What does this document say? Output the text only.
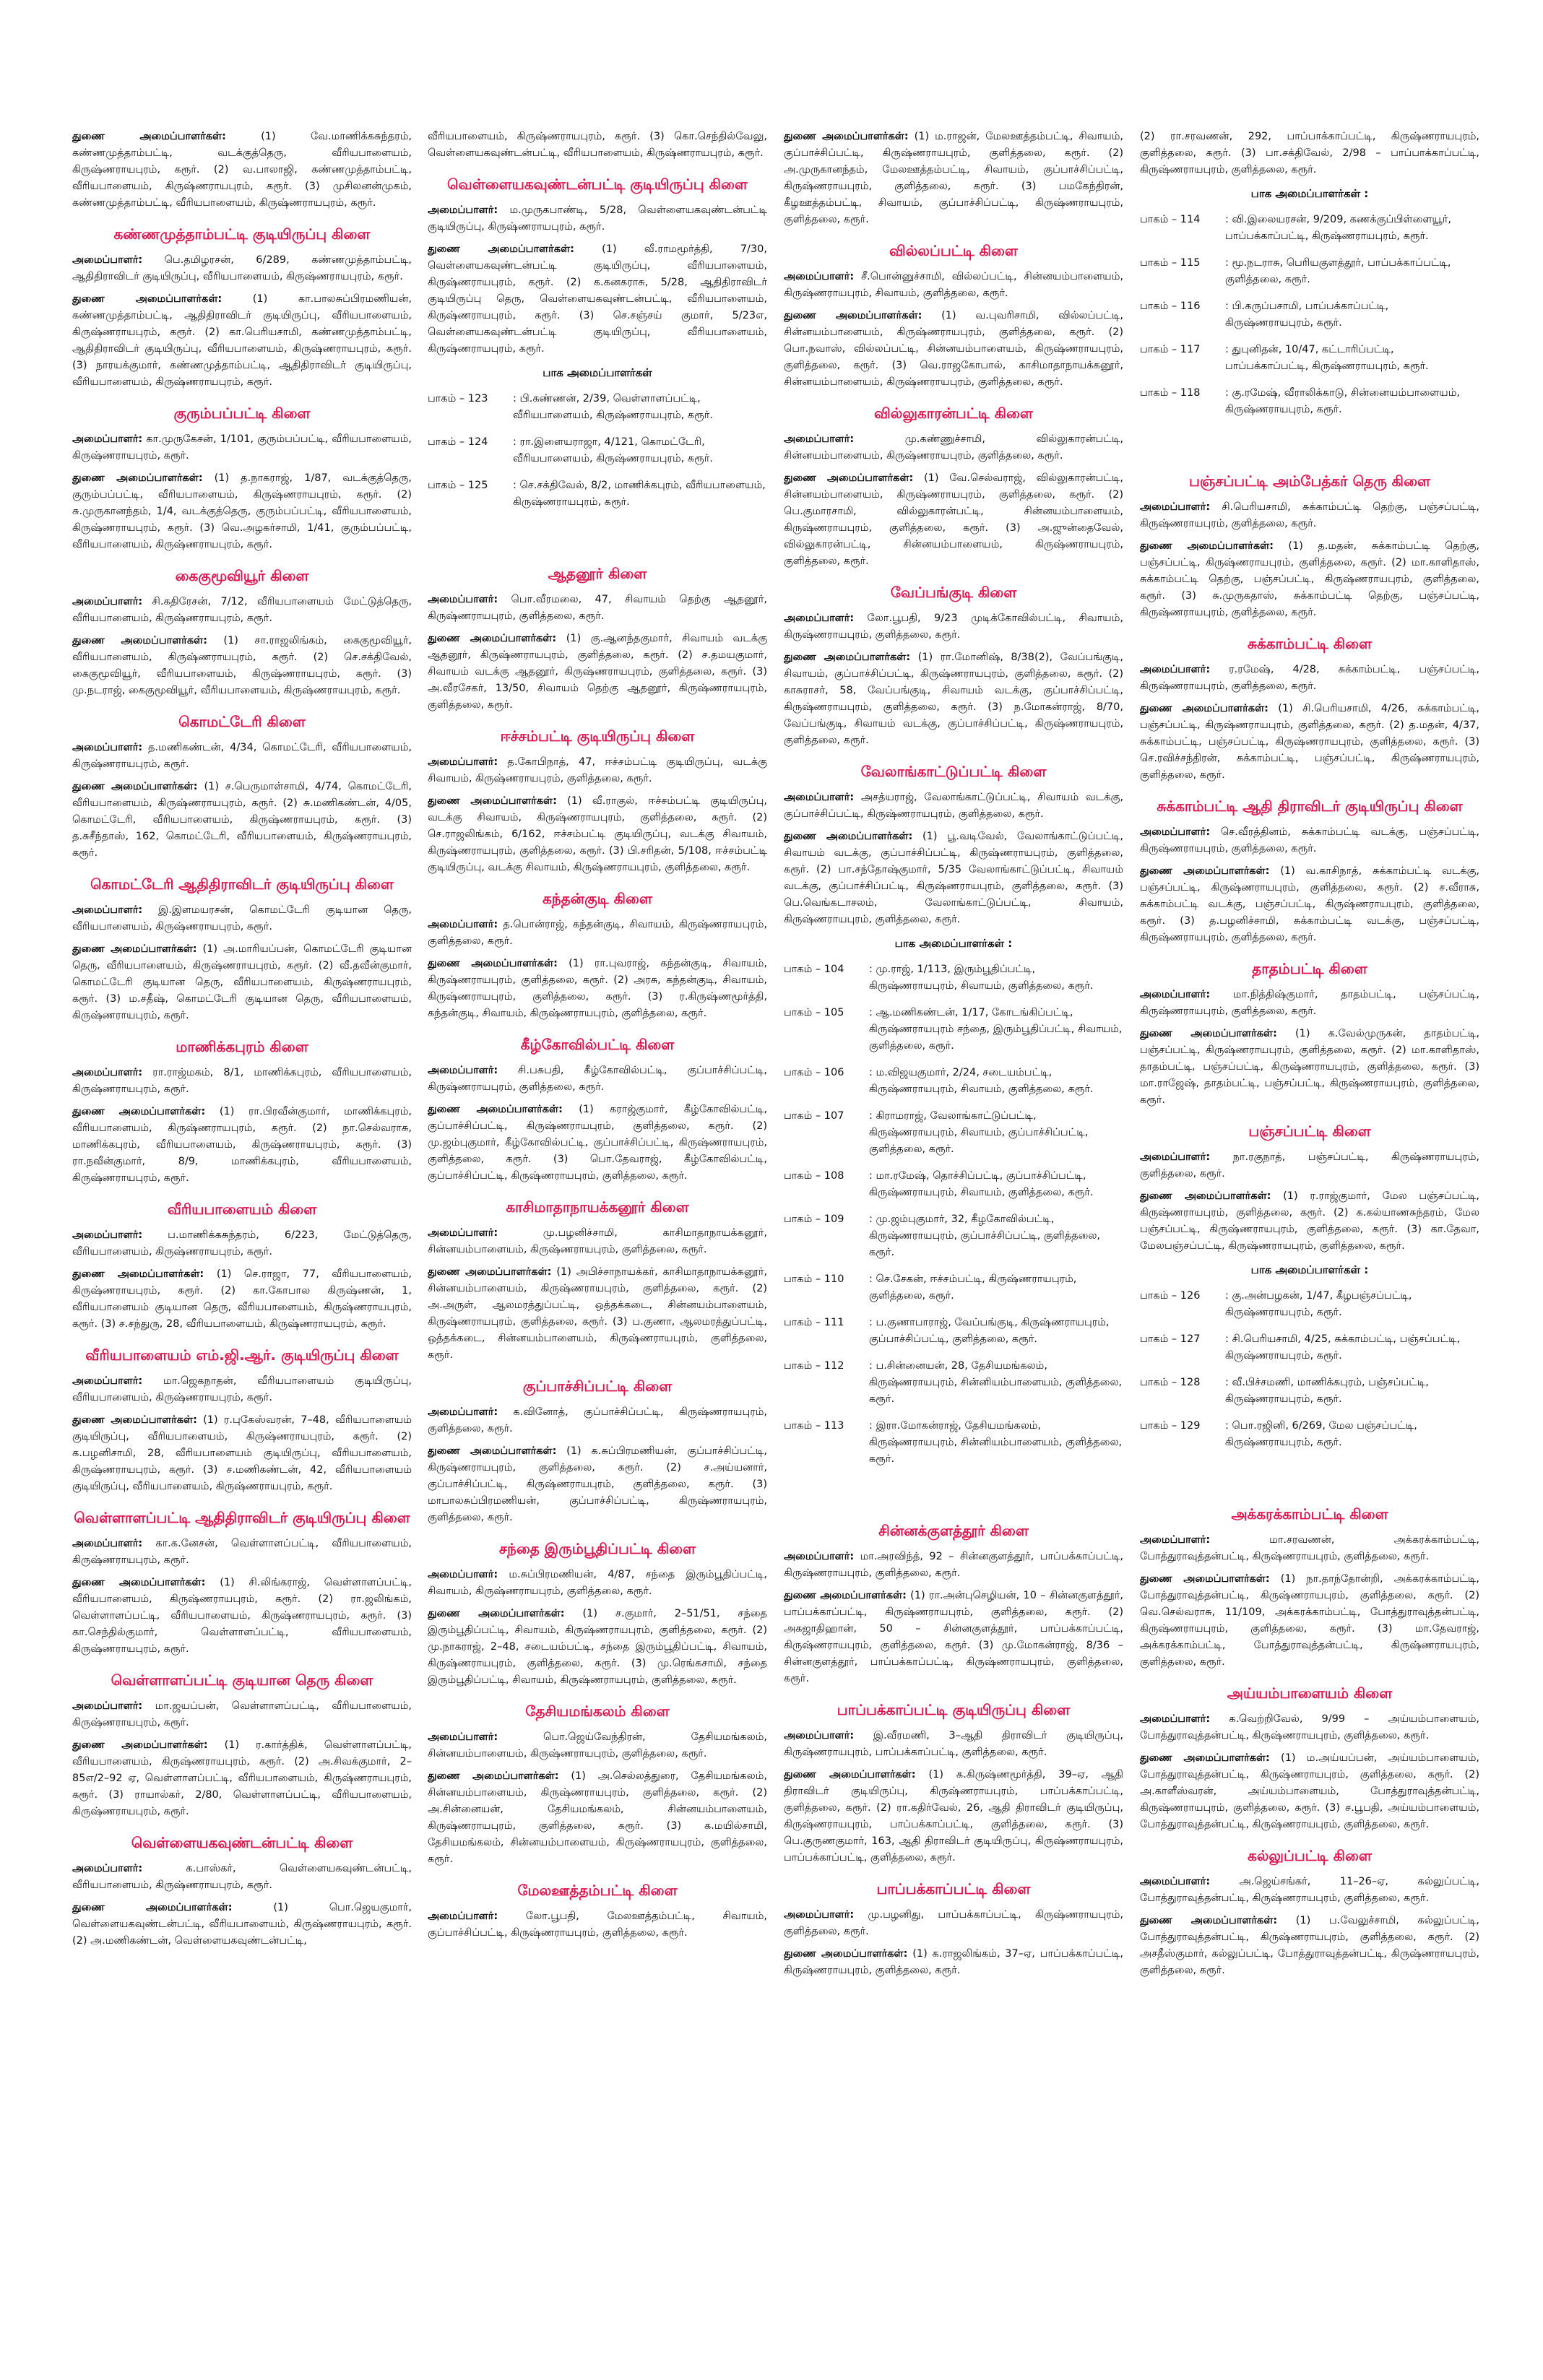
துணை அமைப்பாளர்கள்:	(1) வே.மாணிக்கசுந்தரம், கண்ணமுத்தாம்பட்டி, வடக்குத்தெரு, வீரியபாளையம், கிருஷ்ணராயபுரம், கரூர். (2) வ.பாலாஜி, கண்ணமுத்தாம்பட்டி, வீரியபாளையம், கிருஷ்ணராயபுரம், கரூர். (3) முசிலனன்முகம், கண்ணமுத்தாம்பட்டி, வீரியபாளையம், கிருஷ்ணராயபுரம், கரூர்.
கண்ணமுத்தாம்பட்டி குடியிருப்பு கிளை
அமைப்பாளர்: பெ.தமிழரசன், 6/289, கண்ணமுத்தாம்பட்டி, ஆதிதிராவிடர் குடியிருப்பு, வீரியபாளையம், கிருஷ்ணராயபுரம், கரூர்.
துணை அமைப்பாளர்கள்:	(1) கா.பாலசுப்பிரமணியன், கண்ணமுத்தாம்பட்டி, ஆதிதிராவிடர் குடியிருப்பு, வீரியபாளையம், கிருஷ்ணராயபுரம், கரூர். (2) கா.பெரியசாமி, கண்ணமுத்தாம்பட்டி, ஆதிதிராவிடர் குடியிருப்பு, வீரியபாளையம், கிருஷ்ணராயபுரம், கரூர். (3) நாரயக்குமார், கண்ணமுத்தாம்பட்டி, ஆதிதிராவிடர் குடியிருப்பு, வீரியபாளையம், கிருஷ்ணராயபுரம், கரூர்.
குரும்பப்பட்டி கிளை
அமைப்பாளர்: கா.முருகேசன், 1/101, குரும்பப்பட்டி, வீரியபாளையம், கிருஷ்ணராயபுரம், கரூர்.
துணை அமைப்பாளர்கள்: (1) த.நாகராஜ், 1/87, வடக்குத்தெரு, குரும்பப்பட்டி, வீரியபாளையம், கிருஷ்ணராயபுரம், கரூர். (2) சு.முருகானந்தம், 1/4, வடக்குத்தெரு, குரும்பப்பட்டி, வீரியபாளையம், கிருஷ்ணராயபுரம், கரூர். (3) வெ.அழகர்சாமி, 1/41, குரும்பப்பட்டி, வீரியபாளையம், கிருஷ்ணராயபுரம், கரூர்.
கைகுமூவியூர் கிளை
அமைப்பாளர்: சி.கதிரேசன், 7/12, வீரியபாளையம் மேட்டுத்தெரு, வீரியபாளையம், கிருஷ்ணராயபுரம், கரூர்.
துணை அமைப்பாளர்கள்: (1) சா.ராஜலிங்கம், கைகுமூவியூர், வீரியபாளையம், கிருஷ்ணராயபுரம், கரூர். (2) செ.சக்திவேல், கைகுமூவியூர், வீரியபாளையம், கிருஷ்ணராயபுரம், கரூர். (3) மு.நடராஜ், கைகுமூவியூர், வீரியபாளையம், கிருஷ்ணராயபுரம், கரூர்.
கொமட்டேரி கிளை
அமைப்பாளர்: த.மணிகண்டன், 4/34, கொமட்டேரி, வீரியபாளையம், கிருஷ்ணராயபுரம், கரூர்.
துணை அமைப்பாளர்கள்: (1) ச.பெருமாள்சாமி, 4/74, கொமட்டேரி, வீரியபாளையம், கிருஷ்ணராயபுரம், கரூர். (2) சு.மணிகண்டன், 4/05, கொமட்டேரி, வீரியபாளையம், கிருஷ்ணராயபுரம், கரூர். (3) த.சுசீந்தாஸ், 162, கொமட்டேரி, வீரியபாளையம், கிருஷ்ணராயபுரம், கரூர்.
கொமட்டேரி ஆதிதிராவிடர் குடியிருப்பு கிளை
அமைப்பாளர்: இ.இளமயரசன், கொமட்டேரி குடியான தெரு, வீரியபாளையம், கிருஷ்ணராயபுரம், கரூர்.
துணை அமைப்பாளர்கள்: (1) அ.மாரியப்பன், கொமட்டேரி குடியான தெரு, வீரியபாளையம், கிருஷ்ணராயபுரம், கரூர். (2) வீ.தவீன்குமார், கொமட்டேரி குடியான தெரு, வீரியபாளையம், கிருஷ்ணராயபுரம், கரூர். (3) ம.சதீஷ், கொமட்டேரி குடியான தெரு, வீரியபாளையம், கிருஷ்ணராயபுரம், கரூர்.
மாணிக்கபுரம் கிளை
அமைப்பாளர்: ரா.ராஜ்மகம், 8/1, மாணிக்கபுரம், வீரியபாளையம், கிருஷ்ணராயபுரம், கரூர்.
துணை அமைப்பாளர்கள்: (1) ரா.பிரவீன்குமார், மாணிக்கபுரம், வீரியபாளையம், கிருஷ்ணராயபுரம், கரூர். (2) நா.செல்வராசு, மாணிக்கபுரம், வீரியபாளையம், கிருஷ்ணராயபுரம், கரூர். (3) ரா.நவீன்குமார், 8/9, மாணிக்கபுரம், வீரியபாளையம், கிருஷ்ணராயபுரம், கரூர்.
வீரியபாளையம் கிளை
அமைப்பாளர்: ப.மாணிக்கசுந்தரம், 6/223, மேட்டுத்தெரு, வீரியபாளையம், கிருஷ்ணராயபுரம், கரூர்.
துணை அமைப்பாளர்கள்: (1) செ.ராஜா, 77, வீரியபாளையம், கிருஷ்ணராயபுரம், கரூர். (2) கா.கோபால கிருஷ்ணன், 1, வீரியபாளையம் குடியான தெரு, வீரியபாளையம், கிருஷ்ணராயபுரம், கரூர். (3) ச.சந்துரு, 28, வீரியபாளையம், கிருஷ்ணராயபுரம், கரூர்.
வீரியபாளையம் எம்.ஜி.ஆர். குடியிருப்பு கிளை
அமைப்பாளர்: மா.ஜெகநாதன், வீரியபாளையம் குடியிருப்பு, வீரியபாளையம், கிருஷ்ணராயபுரம், கரூர்.
துணை அமைப்பாளர்கள்: (1) ர.புகேஸ்வரன், 7–48, வீரியபாளையம் குடியிருப்பு, வீரியபாளையம், கிருஷ்ணராயபுரம், கரூர். (2) க.பழனிசாமி, 28, வீரியபாளையம் குடியிருப்பு, வீரியபாளையம், கிருஷ்ணராயபுரம், கரூர். (3) ச.மணிகண்டன், 42, வீரியபாளையம் குடியிருப்பு, வீரியபாளையம், கிருஷ்ணராயபுரம், கரூர்.
வெள்ளாளப்பட்டி ஆதிதிராவிடர் குடியிருப்பு கிளை
அமைப்பாளர்: கா.க.னேசன், வெள்ளாளப்பட்டி, வீரியபாளையம், கிருஷ்ணராயபுரம், கரூர்.
துணை அமைப்பாளர்கள்: (1) சி.லிங்கராஜ், வெள்ளாளப்பட்டி, வீரியபாளையம், கிருஷ்ணராயபுரம், கரூர். (2) ரா.ஜலிங்கம், வெள்ளாளப்பட்டி, வீரியபாளையம், கிருஷ்ணராயபுரம், கரூர். (3) கா.செந்தில்குமார், வெள்ளாளப்பட்டி, வீரியபாளையம், கிருஷ்ணராயபுரம், கரூர்.
வெள்ளாளப்பட்டி குடியான தெரு கிளை
அமைப்பாளர்: மா.ஜயப்பன், வெள்ளாளப்பட்டி, வீரியபாளையம், கிருஷ்ணராயபுரம், கரூர்.
துணை அமைப்பாளர்கள்: (1) ர.கார்த்திக், வெள்ளாளப்பட்டி, வீரியபாளையம், கிருஷ்ணராயபுரம், கரூர். (2) அ.சிவக்குமார், 2–85எ/2–92 ஏ, வெள்ளாளப்பட்டி, வீரியபாளையம், கிருஷ்ணராயபுரம், கரூர். (3) ராயால்கர், 2/80, வெள்ளாளப்பட்டி, வீரியபாளையம், கிருஷ்ணராயபுரம், கரூர்.
வெள்ளையகவுண்டன்பட்டி கிளை
அமைப்பாளர்:	க.பாஸ்கர், வெள்ளையகவுண்டன்பட்டி, வீரியபாளையம், கிருஷ்ணராயபுரம், கரூர்.
துணை அமைப்பாளர்கள்:	(1) பொ.ஜெயகுமார், வெள்ளையகவுண்டன்பட்டி, வீரியபாளையம், கிருஷ்ணராயபுரம், கரூர். (2) அ.மணிகண்டன், வெள்ளையகவுண்டன்பட்டி,
வீரியபாளையம், கிருஷ்ணராயபுரம், கரூர். (3) கொ.செந்தில்வேலு, வெள்ளையகவுண்டன்பட்டி, வீரியபாளையம், கிருஷ்ணராயபுரம், கரூர்.
வெள்ளையகவுண்டன்பட்டி குடியிருப்பு கிளை
அமைப்பாளர்: ம.முருகபாண்டி, 5/28, வெள்ளையகவுண்டன்பட்டி குடியிருப்பு, கிருஷ்ணராயபுரம், கரூர்.
துணை அமைப்பாளர்கள்:	(1) வீ.ராமமூர்த்தி, 7/30, வெள்ளையகவுண்டன்பட்டி குடியிருப்பு, வீரியபாளையம், கிருஷ்ணராயபுரம், கரூர். (2) க.கனகராசு, 5/28, ஆதிதிராவிடர் குடியிருப்பு தெரு, வெள்ளையகவுண்டன்பட்டி, வீரியபாளையம், கிருஷ்ணராயபுரம், கரூர். (3) செ.சஞ்சய் குமார், 5/23எ, வெள்ளையகவுண்டன்பட்டி குடியிருப்பு, வீரியபாளையம், கிருஷ்ணராயபுரம், கரூர்.
பாக அமைப்பாளர்கள்
பாகம் – 123	: பி.கண்ணன், 2/39, வெள்ளாளப்பட்டி, வீரியபாளையம், கிருஷ்ணராயபுரம், கரூர்.
பாகம் – 124	: ரா.இளையராஜா, 4/121, கொமட்டேரி, வீரியபாளையம், கிருஷ்ணராயபுரம், கரூர்.
பாகம் – 125	: செ.சக்திவேல், 8/2, மாணிக்கபுரம், வீரியபாளையம், கிருஷ்ணராயபுரம், கரூர்.
ஆதனூர் கிளை
அமைப்பாளர்: பொ.வீரமலை, 47, சிவாயம் தெற்கு ஆதனூர், கிருஷ்ணராயபுரம், குளித்தலை, கரூர்.
துணை அமைப்பாளர்கள்: (1) கு.ஆனந்தகுமார், சிவாயம் வடக்கு ஆதனூர், கிருஷ்ணராயபுரம், குளித்தலை, கரூர். (2) ச.தமயகுமார், சிவாயம் வடக்கு ஆதனூர், கிருஷ்ணராயபுரம், குளித்தலை, கரூர். (3) அ.வீரசேகர், 13/50, சிவாயம் தெற்கு ஆதனூர், கிருஷ்ணராயபுரம், குளித்தலை, கரூர்.
ஈச்சம்பட்டி குடியிருப்பு கிளை
அமைப்பாளர்: த.கோபிநாத், 47, ஈச்சம்பட்டி குடியிருப்பு, வடக்கு சிவாயம், கிருஷ்ணராயபுரம், குளித்தலை, கரூர்.
துணை அமைப்பாளர்கள்: (1) வீ.ராகுல், ஈச்சம்பட்டி குடியிருப்பு, வடக்கு சிவாயம், கிருஷ்ணராயபுரம், குளித்தலை, கரூர். (2) செ.ராஜலிங்கம், 6/162, ஈச்சம்பட்டி குடியிருப்பு, வடக்கு சிவாயம், கிருஷ்ணராயபுரம், குளித்தலை, கரூர். (3) பி.சரிதன், 5/108, ஈச்சம்பட்டி குடியிருப்பு, வடக்கு சிவாயம், கிருஷ்ணராயபுரம், குளித்தலை, கரூர்.
கந்தன்குடி கிளை
அமைப்பாளர்: த.பொன்ராஜ், கந்தன்குடி, சிவாயம், கிருஷ்ணராயபுரம், குளித்தலை, கரூர்.
துணை அமைப்பாளர்கள்: (1) ரா.புவராஜ், கந்தன்குடி, சிவாயம், கிருஷ்ணராயபுரம், குளித்தலை, கரூர். (2) அரசு, கந்தன்குடி, சிவாயம், கிருஷ்ணராயபுரம், குளித்தலை, கரூர். (3) ர.கிருஷ்ணமூர்த்தி, கந்தன்குடி, சிவாயம், கிருஷ்ணராயபுரம், குளித்தலை, கரூர்.
கீழ்கோவில்பட்டி கிளை
அமைப்பாளர்: சி.பசுபதி, கீழ்கோவில்பட்டி, குப்பாச்சிப்பட்டி, கிருஷ்ணராயபுரம், குளித்தலை, கரூர்.
துணை அமைப்பாளர்கள்: (1) கராஜ்குமார், கீழ்கோவில்பட்டி, குப்பாச்சிப்பட்டி, கிருஷ்ணராயபுரம், குளித்தலை, கரூர். (2) மு.ஜம்புகுமார், கீழ்கோவில்பட்டி, குப்பாச்சிப்பட்டி, கிருஷ்ணராயபுரம், குளித்தலை, கரூர். (3) பொ.தேவராஜ், கீழ்கோவில்பட்டி, குப்பாச்சிப்பட்டி, கிருஷ்ணராயபுரம், குளித்தலை, கரூர்.
காசிமாதாநாயக்கனூர் கிளை
அமைப்பாளர்:	மு.பழனிச்சாமி, காசிமாதாநாயக்கனூர், சின்னயம்பாளையம், கிருஷ்ணராயபுரம், குளித்தலை, கரூர்.
துணை அமைப்பாளர்கள்: (1) அபிச்சாநாயக்கர், காசிமாதாநாயக்கனூர், சின்னயம்பாளையம், கிருஷ்ணராயபுரம், குளித்தலை, கரூர். (2) அ.அருள், ஆலமரத்துப்பட்டி, ஒத்தக்கடை, சின்னயம்பாளையம், கிருஷ்ணராயபுரம், குளித்தலை, கரூர். (3) ப.குணா, ஆலமரத்துப்பட்டி, ஒத்தக்கடை, சின்னயம்பாளையம், கிருஷ்ணராயபுரம், குளித்தலை, கரூர்.
குப்பாச்சிப்பட்டி கிளை
அமைப்பாளர்: க.வினோத், குப்பாச்சிப்பட்டி, கிருஷ்ணராயபுரம், குளித்தலை, கரூர்.
துணை அமைப்பாளர்கள்: (1) க.சுப்பிரமணியன், குப்பாச்சிப்பட்டி, கிருஷ்ணராயபுரம், குளித்தலை, கரூர். (2) ச.அய்யனார், குப்பாச்சிப்பட்டி, கிருஷ்ணராயபுரம், குளித்தலை, கரூர். (3) மாபாலசுப்பிரமணியன், குப்பாச்சிப்பட்டி, கிருஷ்ணராயபுரம், குளித்தலை, கரூர்.
சந்தை இரும்பூதிப்பட்டி கிளை
அமைப்பாளர்: ம.சுப்பிரமணியன், 4/87, சந்தை இரும்பூதிப்பட்டி, சிவாயம், கிருஷ்ணராயபுரம், குளித்தலை, கரூர்.
துணை அமைப்பாளர்கள்: (1) ச.குமார், 2–51/51, சந்தை இரும்பூதிப்பட்டி, சிவாயம், கிருஷ்ணராயபுரம், குளித்தலை, கரூர். (2) மு.நாகராஜ், 2–48, சடையம்பட்டி, சந்தை இரும்பூதிப்பட்டி, சிவாயம், கிருஷ்ணராயபுரம், குளித்தலை, கரூர். (3) மு.ரெங்கசாமி, சந்தை இரும்பூதிப்பட்டி, சிவாயம், கிருஷ்ணராயபுரம், குளித்தலை, கரூர்.
தேசியமங்கலம் கிளை
அமைப்பாளர்:	பொ.ஜெய்வேந்திரன், தேசியமங்கலம், சின்னயம்பாளையம், கிருஷ்ணராயபுரம், குளித்தலை, கரூர்.
துணை அமைப்பாளர்கள்: (1) அ.செல்லத்துரை, தேசியமங்கலம், சின்னயம்பாளையம், கிருஷ்ணராயபுரம், குளித்தலை, கரூர். (2) அ.சின்னையன், தேசியமங்கலம், சின்னயம்பாளையம், கிருஷ்ணராயபுரம், குளித்தலை, கரூர். (3) க.மயில்சாமி, தேசியமங்கலம், சின்னயம்பாளையம், கிருஷ்ணராயபுரம், குளித்தலை, கரூர்.
மேலஊத்தம்பட்டி கிளை
அமைப்பாளர்:	லோ.பூபதி, மேலஊத்தம்பட்டி, சிவாயம், குப்பாச்சிப்பட்டி, கிருஷ்ணராயபுரம், குளித்தலை, கரூர்.
துணை அமைப்பாளர்கள்: (1) ம.ராஜன், மேலஊத்தம்பட்டி, சிவாயம், குப்பாச்சிப்பட்டி, கிருஷ்ணராயபுரம், குளித்தலை, கரூர். (2) அ.முருகானந்தம், மேலஊத்தம்பட்டி, சிவாயம், குப்பாச்சிப்பட்டி, கிருஷ்ணராயபுரம், குளித்தலை, கரூர். (3) பமகேந்திரன், கீழஊத்தம்பட்டி, சிவாயம், குப்பாச்சிப்பட்டி, கிருஷ்ணராயபுரம், குளித்தலை, கரூர்.
வில்லப்பட்டி கிளை
அமைப்பாளர்: சீ.பொன்னுச்சாமி, வில்லப்பட்டி, சின்னயம்பாளையம், கிருஷ்ணராயபுரம், சிவாயம், குளித்தலை, கரூர்.
துணை அமைப்பாளர்கள்: (1) வ.புவரிசாமி, வில்லப்பட்டி, சின்னயம்பாளையம், கிருஷ்ணராயபுரம், குளித்தலை, கரூர். (2) பொ.நவாஸ், வில்லப்பட்டி, சின்னயம்பாளையம், கிருஷ்ணராயபுரம், குளித்தலை, கரூர். (3) வெ.ராஜகோபால், காசிமாதாநாயக்கனூர், சின்னயம்பாளையம், கிருஷ்ணராயபுரம், குளித்தலை, கரூர்.
வில்லுகாரன்பட்டி கிளை
அமைப்பாளர்:	மு.கண்ணுச்சாமி, வில்லுகாரன்பட்டி, சின்னயம்பாளையம், கிருஷ்ணராயபுரம், குளித்தலை, கரூர்.
துணை அமைப்பாளர்கள்: (1) வே.செல்வராஜ், வில்லுகாரன்பட்டி, சின்னயம்பாளையம், கிருஷ்ணராயபுரம், குளித்தலை, கரூர். (2) பெ.குமாரசாமி, வில்லுகாரன்பட்டி, சின்னயம்பாளையம், கிருஷ்ணராயபுரம், குளித்தலை, கரூர். (3) அ.ஜுன்தைவேல், வில்லுகாரன்பட்டி, சின்னயம்பாளையம், கிருஷ்ணராயபுரம், குளித்தலை, கரூர்.
வேப்பங்குடி கிளை
அமைப்பாளர்: லோ.பூபதி, 9/23 முடிக்கோவில்பட்டி, சிவாயம், கிருஷ்ணராயபுரம், குளித்தலை, கரூர்.
துணை அமைப்பாளர்கள்: (1) ரா.மோனிஷ், 8/38(2), வேப்பங்குடி, சிவாயம், குப்பாச்சிப்பட்டி, கிருஷ்ணராயபுரம், குளித்தலை, கரூர். (2) காசுராசர், 58, வேப்பங்குடி, சிவாயம் வடக்கு, குப்பாச்சிப்பட்டி, கிருஷ்ணராயபுரம், குளித்தலை, கரூர். (3) ந.மோகன்ராஜ், 8/70, வேப்பங்குடி, சிவாயம் வடக்கு, குப்பாச்சிப்பட்டி, கிருஷ்ணராயபுரம், குளித்தலை, கரூர்.
வேலாங்காட்டுப்பட்டி கிளை
அமைப்பாளர்: அசத்யராஜ், வேலாங்காட்டுப்பட்டி, சிவாயம் வடக்கு, குப்பாச்சிப்பட்டி, கிருஷ்ணராயபுரம், குளித்தலை, கரூர்.
துணை அமைப்பாளர்கள்: (1) பூ.வடிவேல், வேலாங்காட்டுப்பட்டி, சிவாயம் வடக்கு, குப்பாச்சிப்பட்டி, கிருஷ்ணராயபுரம், குளித்தலை, கரூர். (2) பா.சந்தோஷ்குமார், 5/35 வேலாங்காட்டுப்பட்டி, சிவாயம் வடக்கு, குப்பாச்சிப்பட்டி, கிருஷ்ணராயபுரம், குளித்தலை, கரூர். (3) பெ.வெங்கடாசலம், வேலாங்காட்டுப்பட்டி, சிவாயம், கிருஷ்ணராயபுரம், குளித்தலை, கரூர்.
பாக அமைப்பாளர்கள் :
பாகம் – 104	: மு.ராஜ், 1/113, இரும்பூதிப்பட்டி, கிருஷ்ணராயபுரம், சிவாயம், குளித்தலை, கரூர்.
பாகம் – 105	: ஆ.மணிகண்டன், 1/17, கோடங்கிப்பட்டி, கிருஷ்ணராயபுரம் சந்தை, இரும்பூதிப்பட்டி, சிவாயம், குளித்தலை, கரூர்.
பாகம் – 106	: ம.விஜயகுமார், 2/24, சடையம்பட்டி, கிருஷ்ணராயபுரம், சிவாயம், குளித்தலை, கரூர்.
பாகம் – 107	: கிராமராஜ், வேலாங்காட்டுப்பட்டி, கிருஷ்ணராயபுரம், சிவாயம், குப்பாச்சிப்பட்டி, குளித்தலை, கரூர்.
பாகம் – 108	: மா.ரமேஷ், தொச்சிப்பட்டி, குப்பாச்சிப்பட்டி, கிருஷ்ணராயபுரம், சிவாயம், குளித்தலை, கரூர்.
பாகம் – 109	: மு.ஜம்புகுமார், 32, கீழகோவில்பட்டி, கிருஷ்ணராயபுரம், குப்பாச்சிப்பட்டி, குளித்தலை, கரூர்.
பாகம் – 110	: செ.சேகன், ஈச்சம்பட்டி, கிருஷ்ணராயபுரம், குளித்தலை, கரூர்.
பாகம் – 111	: ப.குணாபாராஜ், வேப்பங்குடி, கிருஷ்ணராயபுரம், குப்பாச்சிப்பட்டி, குளித்தலை, கரூர்.
பாகம் – 112	: ப.சின்னையன், 28, தேசியமங்கலம், கிருஷ்ணராயபுரம், சின்னியம்பாளையம், குளித்தலை, கரூர்.
பாகம் – 113	: இரா.மோகன்ராஜ், தேசியமங்கலம், கிருஷ்ணராயபுரம், சின்னியம்பாளையம், குளித்தலை, கரூர்.
சின்னக்குளத்தூர் கிளை
அமைப்பாளர்: மா.அரவிந்த், 92 – சின்னகுளத்தூர், பாப்பக்காப்பட்டி, கிருஷ்ணராயபுரம், குளித்தலை, கரூர்.
துணை அமைப்பாளர்கள்: (1) ரா.அன்புசெழியன், 10 – சின்னகுளத்தூர், பாப்பக்காப்பட்டி, கிருஷ்ணராயபுரம், குளித்தலை, கரூர். (2) அகஜாதிஹான், 50 – சின்னகுளத்தூர், பாப்பக்காப்பட்டி, கிருஷ்ணராயபுரம், குளித்தலை, கரூர். (3) மு.மோகன்ராஜ், 8/36 – சின்னகுளத்தூர், பாப்பக்காப்பட்டி, கிருஷ்ணராயபுரம், குளித்தலை, கரூர்.
பாப்பக்காப்பட்டி குடியிருப்பு கிளை
அமைப்பாளர்: இ.வீரமணி, 3–ஆதி திராவிடர் குடியிருப்பு, கிருஷ்ணராயபுரம், பாப்பக்காப்பட்டி, குளித்தலை, கரூர்.
துணை அமைப்பாளர்கள்: (1) க.கிருஷ்ணமூர்த்தி, 39–ஏ, ஆதி திராவிடர் குடியிருப்பு, கிருஷ்ணராயபுரம், பாப்பக்காப்பட்டி, குளித்தலை, கரூர். (2) ரா.கதிர்வேல், 26, ஆதி திராவிடர் குடியிருப்பு, கிருஷ்ணராயபுரம், பாப்பக்காப்பட்டி, குளித்தலை, கரூர். (3) பெ.குருணகுமார், 163, ஆதி திராவிடர் குடியிருப்பு, கிருஷ்ணராயபுரம், பாப்பக்காப்பட்டி, குளித்தலை, கரூர்.
பாப்பக்காப்பட்டி கிளை
அமைப்பாளர்: மு.பழனிது, பாப்பக்காப்பட்டி, கிருஷ்ணராயபுரம், குளித்தலை, கரூர்.
துணை அமைப்பாளர்கள்: (1) க.ராஜலிங்கம், 37–ஏ, பாப்பக்காப்பட்டி, கிருஷ்ணராயபுரம், குளித்தலை, கரூர்.
(2) ரா.சரவணன், 292, பாப்பாக்காப்பட்டி, கிருஷ்ணராயபுரம், குளித்தலை, கரூர். (3) பா.சக்திவேல், 2/98 – பாப்பாக்காப்பட்டி, கிருஷ்ணராயபுரம், குளித்தலை, கரூர்.
பாக அமைப்பாளர்கள் :
பாகம் – 114	: வி.இலையரசன், 9/209, கணக்குப்பிள்ளையூர், பாப்பக்காப்பட்டி, கிருஷ்ணராயபுரம், கரூர்.
பாகம் – 115	: மூ.நடராசு, பெரியகுளத்தூர், பாப்பக்காப்பட்டி, குளித்தலை, கரூர்.
பாகம் – 116	: பி.கருப்பசாமி, பாப்பக்காப்பட்டி, கிருஷ்ணராயபுரம், கரூர்.
பாகம் – 117	: துபுனிதன், 10/47, கட்டாரிப்பட்டி, பாப்பக்காப்பட்டி, கிருஷ்ணராயபுரம், கரூர்.
பாகம் – 118	: கு.ரமேஷ், வீராலிக்காடு, சின்னையம்பாளையம், கிருஷ்ணராயபுரம், கரூர்.
பஞ்சப்பட்டி அம்பேத்கர் தெரு கிளை
அமைப்பாளர்: சி.பெரியசாமி, சுக்காம்பட்டி தெற்கு, பஞ்சப்பட்டி, கிருஷ்ணராயபுரம், குளித்தலை, கரூர்.
துணை அமைப்பாளர்கள்: (1) த.மதன், சுக்காம்பட்டி தெற்கு, பஞ்சப்பட்டி, கிருஷ்ணராயபுரம், குளித்தலை, கரூர். (2) மா.காளிதாஸ், சுக்காம்பட்டி தெற்கு, பஞ்சப்பட்டி, கிருஷ்ணராயபுரம், குளித்தலை, கரூர். (3) சு.முருகதாஸ், சுக்காம்பட்டி தெற்கு, பஞ்சப்பட்டி, கிருஷ்ணராயபுரம், குளித்தலை, கரூர்.
சுக்காம்பட்டி கிளை
அமைப்பாளர்: ர.ரமேஷ், 4/28, சுக்காம்பட்டி, பஞ்சப்பட்டி, கிருஷ்ணராயபுரம், குளித்தலை, கரூர்.
துணை அமைப்பாளர்கள்: (1) சி.பெரியசாமி, 4/26, சுக்காம்பட்டி, பஞ்சப்பட்டி, கிருஷ்ணராயபுரம், குளித்தலை, கரூர். (2) த.மதன், 4/37, சுக்காம்பட்டி, பஞ்சப்பட்டி, கிருஷ்ணராயபுரம், குளித்தலை, கரூர். (3) செ.ரவிச்சந்திரன், சுக்காம்பட்டி, பஞ்சப்பட்டி, கிருஷ்ணராயபுரம், குளித்தலை, கரூர்.
சுக்காம்பட்டி ஆதி திராவிடர் குடியிருப்பு கிளை
அமைப்பாளர்: செ.வீரத்தினம், சுக்காம்பட்டி வடக்கு, பஞ்சப்பட்டி, கிருஷ்ணராயபுரம், குளித்தலை, கரூர்.
துணை அமைப்பாளர்கள்: (1) வ.காசிநாத், சுக்காம்பட்டி வடக்கு, பஞ்சப்பட்டி, கிருஷ்ணராயபுரம், குளித்தலை, கரூர். (2) ச.வீராசு, சுக்காம்பட்டி வடக்கு, பஞ்சப்பட்டி, கிருஷ்ணராயபுரம், குளித்தலை, கரூர். (3) த.பழனிச்சாமி, சுக்காம்பட்டி வடக்கு, பஞ்சப்பட்டி, கிருஷ்ணராயபுரம், குளித்தலை, கரூர்.
தாதம்பட்டி கிளை
அமைப்பாளர்: மா.நித்திஷ்குமார், தாதம்பட்டி, பஞ்சப்பட்டி, கிருஷ்ணராயபுரம், குளித்தலை, கரூர்.
துணை அமைப்பாளர்கள்: (1) க.வேல்முருகன், தாதம்பட்டி, பஞ்சப்பட்டி, கிருஷ்ணராயபுரம், குளித்தலை, கரூர். (2) மா.காளிதாஸ், தாதம்பட்டி, பஞ்சப்பட்டி, கிருஷ்ணராயபுரம், குளித்தலை, கரூர். (3) மா.ராஜேஷ், தாதம்பட்டி, பஞ்சப்பட்டி, கிருஷ்ணராயபுரம், குளித்தலை, கரூர்.
பஞ்சப்பட்டி கிளை
அமைப்பாளர்: நா.ரகுநாத், பஞ்சப்பட்டி, கிருஷ்ணராயபுரம், குளித்தலை, கரூர்.
துணை அமைப்பாளர்கள்: (1) ர.ராஜ்குமார், மேல பஞ்சப்பட்டி, கிருஷ்ணராயபுரம், குளித்தலை, கரூர். (2) க.கல்யாணசுந்தரம், மேல பஞ்சப்பட்டி, கிருஷ்ணராயபுரம், குளித்தலை, கரூர். (3) கா.தேவா, மேலபஞ்சப்பட்டி, கிருஷ்ணராயபுரம், குளித்தலை, கரூர்.
பாக அமைப்பாளர்கள் :
பாகம் – 126	: கு.அன்பழகன், 1/47, கீழபஞ்சப்பட்டி, கிருஷ்ணராயபுரம், கரூர்.
பாகம் – 127	: சி.பெரியசாமி, 4/25, சுக்காம்பட்டி, பஞ்சப்பட்டி, கிருஷ்ணராயபுரம், கரூர்.
பாகம் – 128	: வீ.பிச்சமணி, மாணிக்கபுரம், பஞ்சப்பட்டி, கிருஷ்ணராயபுரம், கரூர்.
பாகம் – 129	: பொ.ரஜினி, 6/269, மேல பஞ்சப்பட்டி, கிருஷ்ணராயபுரம், கரூர்.
அக்கரக்காம்பட்டி கிளை
அமைப்பாளர்:	மா.சரவணன், அக்கரக்காம்பட்டி, போத்துராவுத்தன்பட்டி, கிருஷ்ணராயபுரம், குளித்தலை, கரூர்.
துணை அமைப்பாளர்கள்: (1) நா.தாந்தோன்றி, அக்கரக்காம்பட்டி, போத்துராவுத்தன்பட்டி, கிருஷ்ணராயபுரம், குளித்தலை, கரூர். (2) வெ.செல்வராசு, 11/109, அக்கரக்காம்பட்டி, போத்துராவுத்தன்பட்டி, கிருஷ்ணராயபுரம், குளித்தலை, கரூர். (3) மா.தேவராஜ், அக்கரக்காம்பட்டி, போத்துராவுத்தன்பட்டி, கிருஷ்ணராயபுரம், குளித்தலை, கரூர்.
அய்யம்பாளையம் கிளை
அமைப்பாளர்: க.வெற்றிவேல், 9/99 – அய்யம்பாளையம், போத்துராவுத்தன்பட்டி, கிருஷ்ணராயபுரம், குளித்தலை, கரூர்.
துணை அமைப்பாளர்கள்: (1) ம.அய்யப்பன், அய்யம்பாளையம், போத்துராவுத்தன்பட்டி, கிருஷ்ணராயபுரம், குளித்தலை, கரூர். (2) அ.காளீஸ்வரன், அய்யம்பாளையம், போத்துராவுத்தன்பட்டி, கிருஷ்ணராயபுரம், குளித்தலை, கரூர். (3) ச.பூபதி, அய்யம்பாளையம், போத்துராவுத்தன்பட்டி, கிருஷ்ணராயபுரம், குளித்தலை, கரூர்.
கல்லுப்பட்டி கிளை
அமைப்பாளர்:	அ.ஜெய்சங்கர், 11–26–ஏ, கல்லுப்பட்டி, போத்துராவுத்தன்பட்டி, கிருஷ்ணராயபுரம், குளித்தலை, கரூர்.
துணை அமைப்பாளர்கள்: (1) ப.வேலுச்சாமி, கல்லுப்பட்டி, போத்துராவுத்தன்பட்டி, கிருஷ்ணராயபுரம், குளித்தலை, கரூர். (2) அசதீஸ்குமார், கல்லுப்பட்டி, போத்துராவுத்தன்பட்டி, கிருஷ்ணராயபுரம், குளித்தலை, கரூர்.
